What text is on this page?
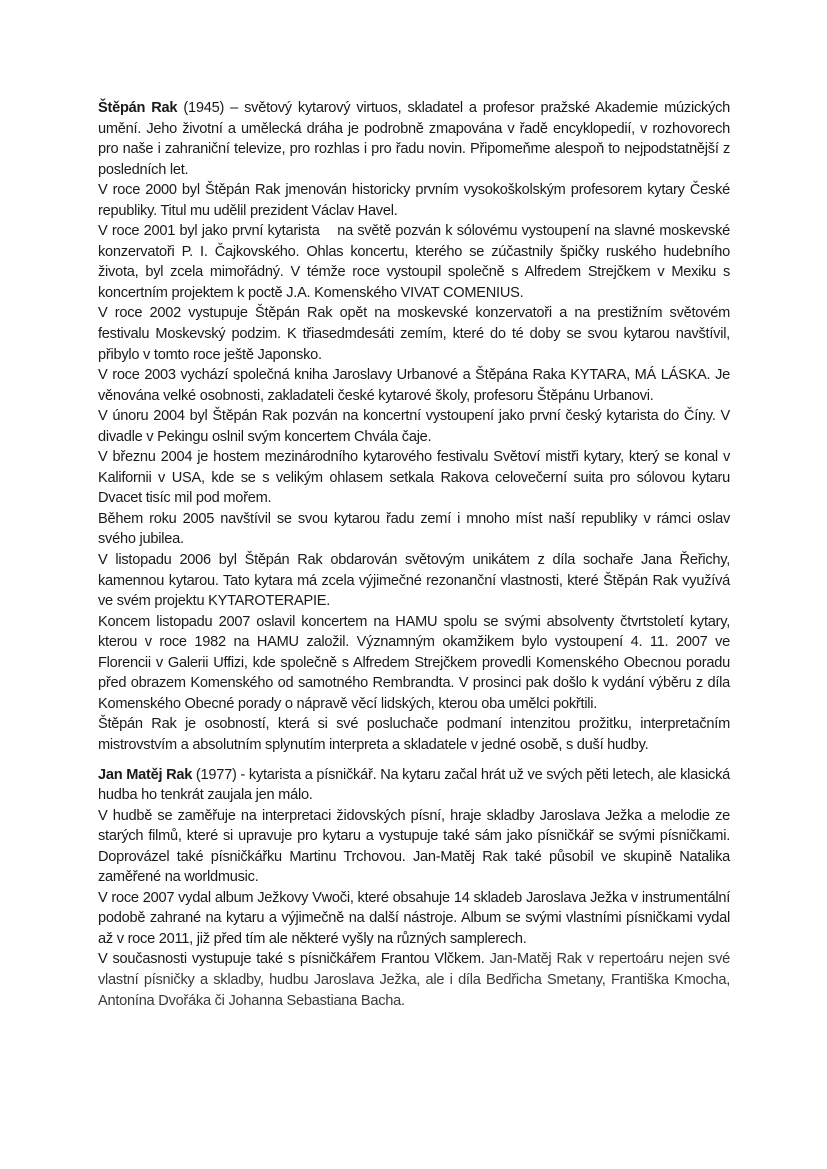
Štěpán Rak (1945) – světový kytarový virtuos, skladatel a profesor pražské Akademie múzických umění. Jeho životní a umělecká dráha je podrobně zmapována v řadě encyklopedií, v rozhovorech pro naše i zahraniční televize, pro rozhlas i pro řadu novin. Připomeňme alespoň to nejpodstatnější z posledních let.

V roce 2000 byl Štěpán Rak jmenován historicky prvním vysokoškolským profesorem kytary České republiky. Titul mu udělil prezident Václav Havel.

V roce 2001 byl jako první kytarista    na světě pozván k sólovému vystoupení na slavné moskevské konzervatoři P. I. Čajkovského. Ohlas koncertu, kterého se zúčastnily špičky ruského hudebního života, byl zcela mimořádný. V témže roce vystoupil společně s Alfredem Strejčkem v Mexiku s koncertním projektem k poctě J.A. Komenského VIVAT COMENIUS.

V roce 2002 vystupuje Štěpán Rak opět na moskevské konzervatoři a na prestižním světovém festivalu Moskevský podzim. K třiasedmdesáti zemím, které do té doby se svou kytarou navštívil, přibylo v tomto roce ještě Japonsko.

V roce 2003 vychází společná kniha Jaroslavy Urbanové a Štěpána Raka KYTARA, MÁ LÁSKA. Je věnována velké osobnosti, zakladateli české kytarové školy, profesoru Štěpánu Urbanovi.

V únoru 2004 byl Štěpán Rak pozván na koncertní vystoupení jako první český kytarista do Číny. V divadle v Pekingu oslnil svým koncertem Chvála čaje.

V březnu 2004 je hostem mezinárodního kytarového festivalu Světoví mistři kytary, který se konal v Kalifornii v USA, kde se s velikým ohlasem setkala Rakova celovečerní suita pro sólovou kytaru Dvacet tisíc mil pod mořem.

Během roku 2005 navštívil se svou kytarou řadu zemí i mnoho míst naší republiky v rámci oslav svého jubilea.

V listopadu 2006 byl Štěpán Rak obdarován světovým unikátem z díla sochaře Jana Řeřichy, kamennou kytarou. Tato kytara má zcela výjimečné rezonanční vlastnosti, které Štěpán Rak využívá ve svém projektu KYTAROTERAPIE.

Koncem listopadu 2007 oslavil koncertem na HAMU spolu se svými absolventy čtvrtstoletí kytary, kterou v roce 1982 na HAMU založil. Významným okamžikem bylo vystoupení 4. 11. 2007 ve Florencii v Galerii Uffizi, kde společně s Alfredem Strejčkem provedli Komenského Obecnou poradu před obrazem Komenského od samotného Rembrandta. V prosinci pak došlo k vydání výběru z díla Komenského Obecné porady o nápravě věcí lidských, kterou oba umělci pokřtili.

Štěpán Rak je osobností, která si své posluchače podmaní intenzitou prožitku, interpretačním mistrovstvím a absolutním splynutím interpreta a skladatele v jedné osobě, s duší hudby.

Jan Matěj Rak (1977) - kytarista a písničkář. Na kytaru začal hrát už ve svých pěti letech, ale klasická hudba ho tenkrát zaujala jen málo.

V hudbě se zaměřuje na interpretaci židovských písní, hraje skladby Jaroslava Ježka a melodie ze starých filmů, které si upravuje pro kytaru a vystupuje také sám jako písničkář se svými písničkami. Doprovázel také písničkářku Martinu Trchovou. Jan-Matěj Rak také působil ve skupině Natalika zaměřené na worldmusic.

V roce 2007 vydal album Ježkovy Vwoči, které obsahuje 14 skladeb Jaroslava Ježka v instrumentální podobě zahrané na kytaru a výjimečně na další nástroje. Album se svými vlastními písničkami vydal až v roce 2011, již před tím ale některé vyšly na různých samplerech.

V současnosti vystupuje také s písničkářem Frantou Vlčkem. Jan-Matěj Rak v repertoáru nejen své vlastní písničky a skladby, hudbu Jaroslava Ježka, ale i díla Bedřicha Smetany, Františka Kmocha, Antonína Dvořáka či Johanna Sebastiana Bacha.
